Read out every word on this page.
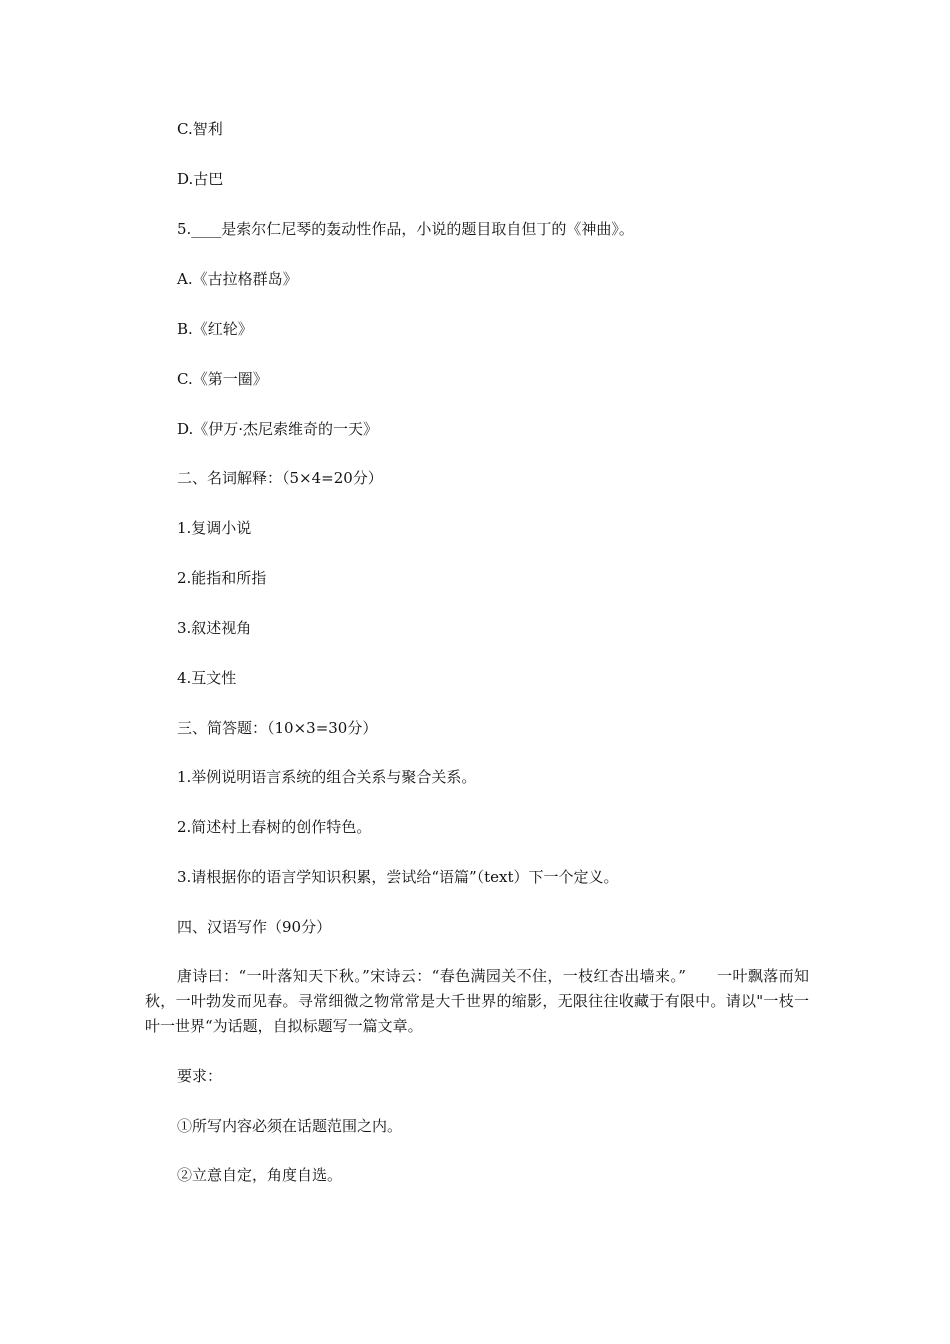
C.智利
D.古巴
5.____是索尔仁尼琴的轰动性作品，小说的题目取自但丁的《神曲》。
A.《古拉格群岛》
B.《红轮》
C.《第一圈》
D.《伊万·杰尼索维奇的一天》
二、名词解释：（5×4=20分）
1.复调小说
2.能指和所指
3.叙述视角
4.互文性
三、简答题：（10×3=30分）
1.举例说明语言系统的组合关系与聚合关系。
2.简述村上春树的创作特色。
3.请根据你的语言学知识积累，尝试给“语篇”（text）下一个定义。
四、汉语写作（90分）
唐诗曰：“一叶落知天下秋。”宋诗云：“春色满园关不住，一枝红杏出墙来。”　　一叶飘落而知秋，一叶勃发而见春。寻常细微之物常常是大千世界的缩影，无限往往收藏于有限中。请以"一枝一叶一世界“为话题，自拟标题写一篇文章。
要求：
①所写内容必须在话题范围之内。
②立意自定，角度自选。
